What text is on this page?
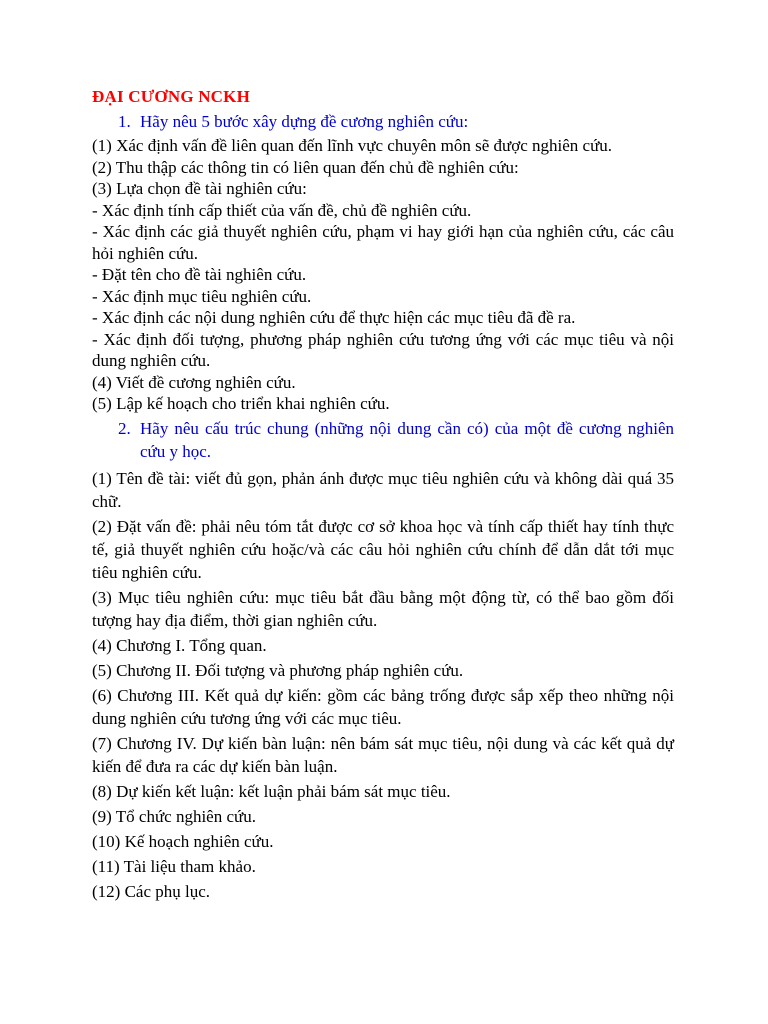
ĐẠI CƯƠNG NCKH

1. Hãy nêu 5 bước xây dựng đề cương nghiên cứu:

(1) Xác định vấn đề liên quan đến lĩnh vực chuyên môn sẽ được nghiên cứu.

(2) Thu thập các thông tin có liên quan đến chủ đề nghiên cứu:

(3) Lựa chọn đề tài nghiên cứu:

- Xác định tính cấp thiết của vấn đề, chủ đề nghiên cứu.

- Xác định các giả thuyết nghiên cứu, phạm vi hay giới hạn của nghiên cứu, các câu hỏi nghiên cứu.

- Đặt tên cho đề tài nghiên cứu.

- Xác định mục tiêu nghiên cứu.

- Xác định các nội dung nghiên cứu để thực hiện các mục tiêu đã đề ra.

- Xác định đối tượng, phương pháp nghiên cứu tương ứng với các mục tiêu và nội dung nghiên cứu.

(4) Viết đề cương nghiên cứu.

(5) Lập kế hoạch cho triển khai nghiên cứu.

2. Hãy nêu cấu trúc chung (những nội dung cần có) của một đề cương nghiên cứu y học.

(1) Tên đề tài: viết đủ gọn, phản ánh được mục tiêu nghiên cứu và không dài quá 35 chữ.

(2) Đặt vấn đề: phải nêu tóm tắt được cơ sở khoa học và tính cấp thiết hay tính thực tế, giả thuyết nghiên cứu hoặc/và các câu hỏi nghiên cứu chính để dẫn dắt tới mục tiêu nghiên cứu.

(3) Mục tiêu nghiên cứu: mục tiêu bắt đầu bằng một động từ, có thể bao gồm đối tượng hay địa điểm, thời gian nghiên cứu.

(4) Chương I. Tổng quan.

(5) Chương II. Đối tượng và phương pháp nghiên cứu.

(6) Chương III. Kết quả dự kiến: gồm các bảng trống được sắp xếp theo những nội dung nghiên cứu tương ứng với các mục tiêu.

(7) Chương IV. Dự kiến bàn luận: nên bám sát mục tiêu, nội dung và các kết quả dự kiến để đưa ra các dự kiến bàn luận.

(8) Dự kiến kết luận: kết luận phải bám sát mục tiêu.

(9) Tổ chức nghiên cứu.

(10) Kế hoạch nghiên cứu.

(11) Tài liệu tham khảo.

(12) Các phụ lục.
